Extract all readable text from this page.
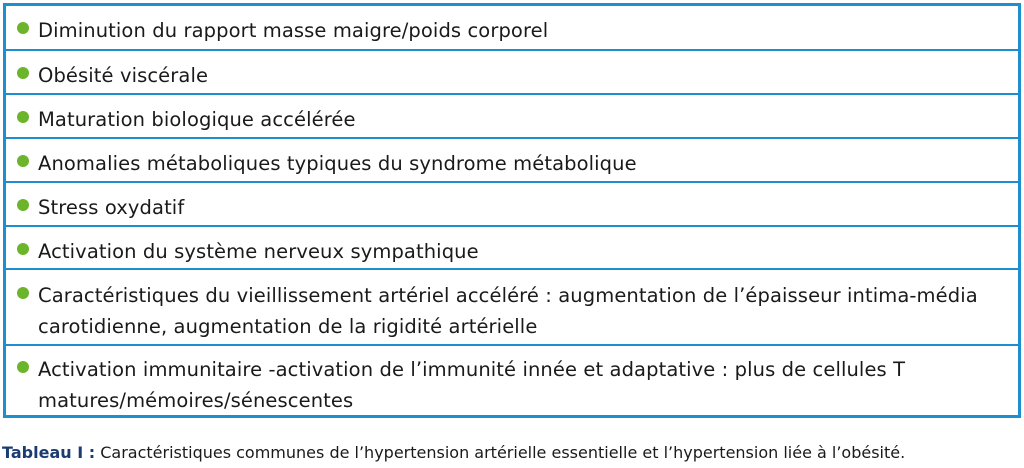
Diminution du rapport masse maigre/poids corporel
Obésité viscérale
Maturation biologique accélérée
Anomalies métaboliques typiques du syndrome métabolique
Stress oxydatif
Activation du système nerveux sympathique
Caractéristiques du vieillissement artériel accéléré : augmentation de l’épaisseur intima-média carotidienne, augmentation de la rigidité artérielle
Activation immunitaire -activation de l’immunité innée et adaptative : plus de cellules T matures/mémoires/sénescentes
Tableau I : Caractéristiques communes de l’hypertension artérielle essentielle et l’hypertension liée à l’obésité.
